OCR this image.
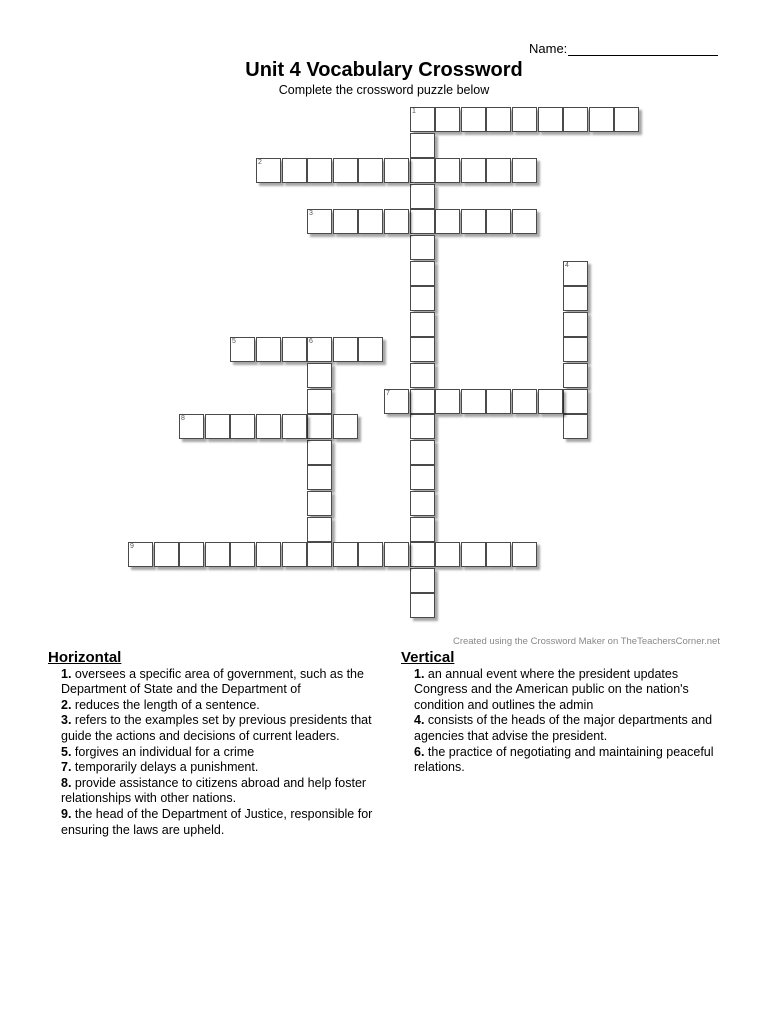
Name:
Unit 4 Vocabulary Crossword

Complete the crossword puzzle below

1
2
3
4
5	6
7
8
9
Created using the Crossword Maker on TheTeachersCorner.net

Horizontal

1. oversees a specific area of government, such as the Department of State and the Department of

2. reduces the length of a sentence.

3. refers to the examples set by previous presidents that guide the actions and decisions of current leaders.

5. forgives an individual for a crime

7. temporarily delays a punishment.

8. provide assistance to citizens abroad and help foster relationships with other nations.

9. the head of the Department of Justice, responsible for ensuring the laws are upheld.

Vertical

1. an annual event where the president updates Congress and the American public on the nation's condition and outlines the admin

4. consists of the heads of the major departments and agencies that advise the president.

6. the practice of negotiating and maintaining peaceful relations.
